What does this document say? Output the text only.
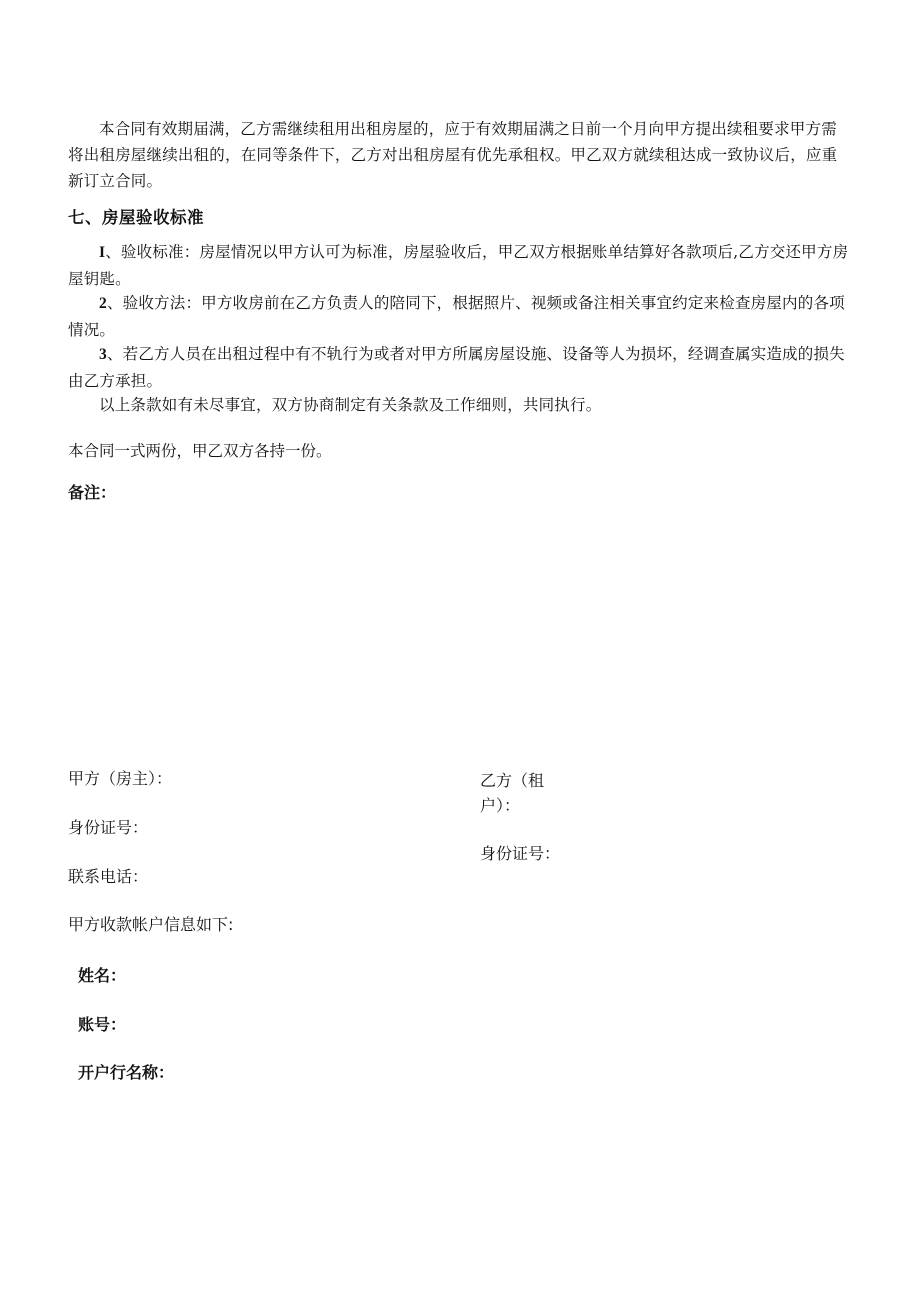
本合同有效期届满，乙方需继续租用出租房屋的，应于有效期届满之日前一个月向甲方提出续租要求甲方需将出租房屋继续出租的，在同等条件下，乙方对出租房屋有优先承租权。甲乙双方就续租达成一致协议后，应重新订立合同。

七、房屋验收标准

I、验收标准：房屋情况以甲方认可为标准，房屋验收后，甲乙双方根据账单结算好各款项后,乙方交还甲方房屋钥匙。

2、验收方法：甲方收房前在乙方负责人的陪同下，根据照片、视频或备注相关事宜约定来检查房屋内的各项情况。

3、若乙方人员在出租过程中有不轨行为或者对甲方所属房屋设施、设备等人为损坏，经调查属实造成的损失由乙方承担。

以上条款如有未尽事宜，双方协商制定有关条款及工作细则，共同执行。

本合同一式两份，甲乙双方各持一份。

备注：

甲方（房主）：

身份证号：

联系电话：

甲方收款帐户信息如下:

乙方（租

户）：

身份证号：

姓名：

账号：

开户行名称：
